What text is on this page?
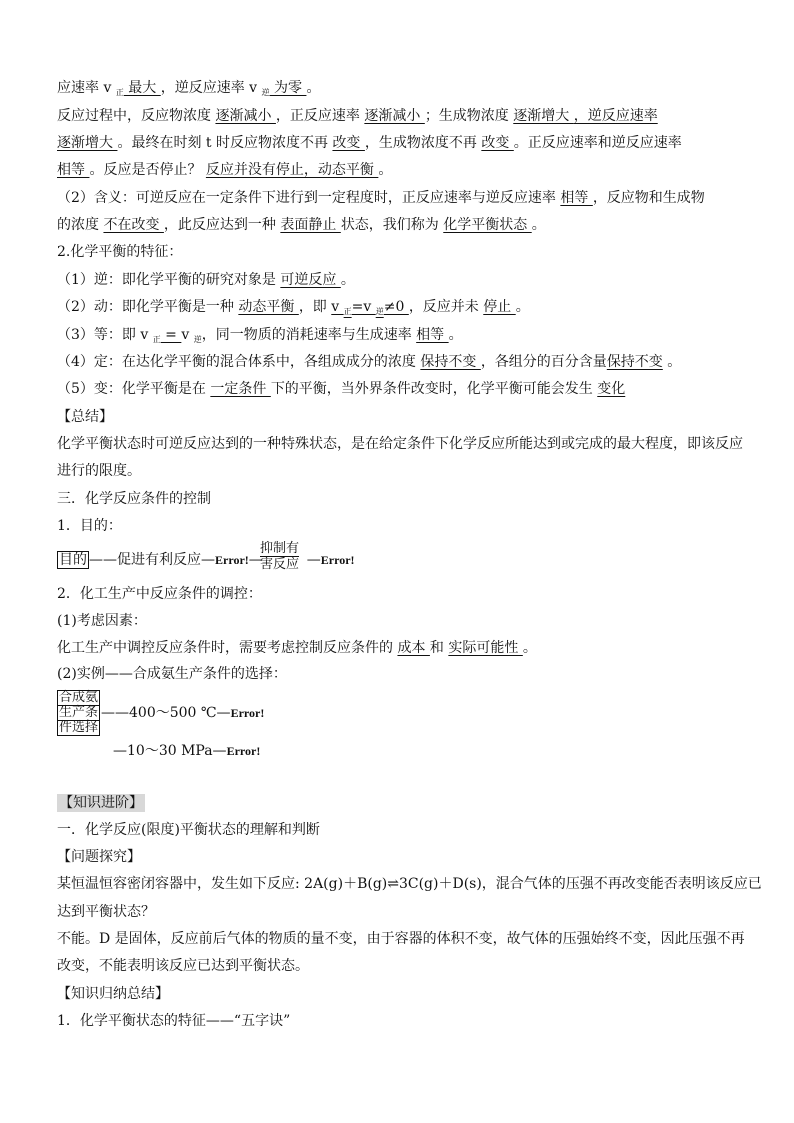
应速率 v $_正$ 最大 ，逆反应速率 v $_逆$ 为零 。
反应过程中，反应物浓度 逐渐减小 ，正反应速率 逐渐减小 ；生成物浓度 逐渐增大 ，逆反应速率
逐渐增大 。最终在时刻 t 时反应物浓度不再 改变 ，生成物浓度不再 改变 。正反应速率和逆反应速率
相等 。反应是否停止？ 反应并没有停止，动态平衡 。
（2）含义：可逆反应在一定条件下进行到一定程度时，正反应速率与逆反应速率 相等 ，反应物和生成物
的浓度 不在改变 ，此反应达到一种 表面静止 状态，我们称为 化学平衡状态 。
2.化学平衡的特征：
（1）逆：即化学平衡的研究对象是 可逆反应 。
（2）动：即化学平衡是一种 动态平衡 ，即 v $_正$=v $_逆$≠0 ，反应并未 停止 。
（3）等：即 v $_正$ = v $_逆$，同一物质的消耗速率与生成速率 相等 。
（4）定：在达化学平衡的混合体系中，各组成成分的浓度 保持不变 ，各组分的百分含量保持不变 。
（5）变：化学平衡是在 一定条件 下的平衡，当外界条件改变时，化学平衡可能会发生 变化
【总结】
化学平衡状态时可逆反应达到的一种特殊状态，是在给定条件下化学反应所能达到或完成的最大程度，即该反应
进行的限度。
三．化学反应条件的控制
1．目的：
目的 ——促进有利反应—Error!—	—Error!
抑制有
害反应
2．化工生产中反应条件的调控：
(1)考虑因素：
化工生产中调控反应条件时，需要考虑控制反应条件的 成本 和 实际可能性 。
(2)实例——合成氨生产条件的选择：
合成氨
生产条
件选择
——400～500 ℃—Error!
—10～30 MPa—Error!
【知识进阶】
一．化学反应(限度)平衡状态的理解和判断
【问题探究】
某恒温恒容密闭容器中，发生如下反应: 2A(g)＋B(g)⇌3C(g)＋D(s)，混合气体的压强不再改变能否表明该反应已
达到平衡状态？
不能。D 是固体，反应前后气体的物质的量不变，由于容器的体积不变，故气体的压强始终不变，因此压强不再
改变，不能表明该反应已达到平衡状态。
【知识归纳总结】
1．化学平衡状态的特征——“五字诀”
